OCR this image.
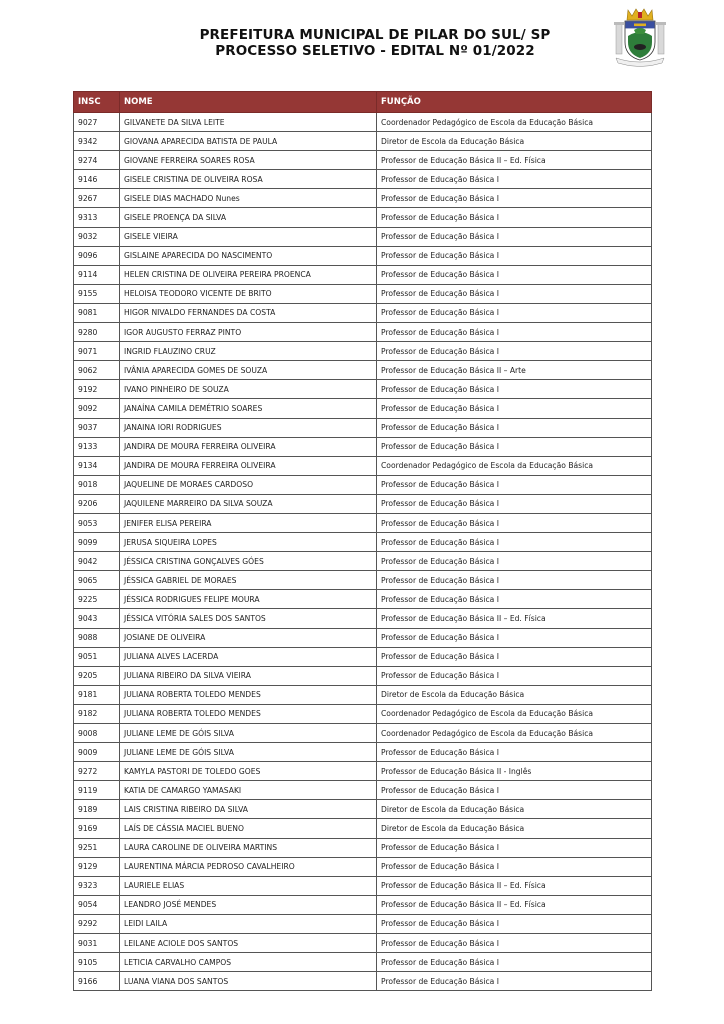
PREFEITURA MUNICIPAL DE PILAR DO SUL/ SP
PROCESSO SELETIVO - EDITAL Nº 01/2022
INSC	NOME	FUNÇÃO
9027	GILVANETE DA SILVA LEITE	Coordenador Pedagógico de Escola da Educação Básica
9342	GIOVANA APARECIDA BATISTA DE PAULA	Diretor de Escola da Educação Básica
9274	GIOVANE FERREIRA SOARES ROSA	Professor de Educação Básica II – Ed. Física
9146	GISELE CRISTINA DE OLIVEIRA ROSA	Professor de Educação Básica I
9267	GISELE DIAS MACHADO Nunes	Professor de Educação Básica I
9313	GISELE PROENÇA DA SILVA	Professor de Educação Básica I
9032	GISELE VIEIRA	Professor de Educação Básica I
9096	GISLAINE APARECIDA DO NASCIMENTO	Professor de Educação Básica I
9114	HELEN CRISTINA DE OLIVEIRA PEREIRA PROENCA	Professor de Educação Básica I
9155	HELOISA TEODORO VICENTE DE BRITO	Professor de Educação Básica I
9081	HIGOR NIVALDO FERNANDES DA COSTA	Professor de Educação Básica I
9280	IGOR AUGUSTO FERRAZ PINTO	Professor de Educação Básica I
9071	INGRID FLAUZINO CRUZ	Professor de Educação Básica I
9062	IVÂNIA APARECIDA GOMES DE SOUZA	Professor de Educação Básica II – Arte
9192	IVANO PINHEIRO DE SOUZA	Professor de Educação Básica I
9092	JANAÍNA CAMILA DEMÉTRIO SOARES	Professor de Educação Básica I
9037	JANAINA IORI RODRIGUES	Professor de Educação Básica I
9133	JANDIRA DE MOURA FERREIRA OLIVEIRA	Professor de Educação Básica I
9134	JANDIRA DE MOURA FERREIRA OLIVEIRA	Coordenador Pedagógico de Escola da Educação Básica
9018	JAQUELINE DE MORAES CARDOSO	Professor de Educação Básica I
9206	JAQUILENE MARREIRO DA SILVA SOUZA	Professor de Educação Básica I
9053	JENIFER ELISA PEREIRA	Professor de Educação Básica I
9099	JERUSA SIQUEIRA LOPES	Professor de Educação Básica I
9042	JÉSSICA CRISTINA GONÇALVES GÓES	Professor de Educação Básica I
9065	JÉSSICA GABRIEL DE MORAES	Professor de Educação Básica I
9225	JÉSSICA RODRIGUES FELIPE MOURA	Professor de Educação Básica I
9043	JÉSSICA VITÓRIA SALES DOS SANTOS	Professor de Educação Básica II – Ed. Física
9088	JOSIANE DE OLIVEIRA	Professor de Educação Básica I
9051	JULIANA ALVES LACERDA	Professor de Educação Básica I
9205	JULIANA RIBEIRO DA SILVA VIEIRA	Professor de Educação Básica I
9181	JULIANA ROBERTA TOLEDO MENDES	Diretor de Escola da Educação Básica
9182	JULIANA ROBERTA TOLEDO MENDES	Coordenador Pedagógico de Escola da Educação Básica
9008	JULIANE LEME DE GÓIS SILVA	Coordenador Pedagógico de Escola da Educação Básica
9009	JULIANE LEME DE GÓIS SILVA	Professor de Educação Básica I
9272	KAMYLA PASTORI DE TOLEDO GOES	Professor de Educação Básica II - Inglês
9119	KATIA DE CAMARGO YAMASAKI	Professor de Educação Básica I
9189	LAIS CRISTINA RIBEIRO DA SILVA	Diretor de Escola da Educação Básica
9169	LAÍS DE CÁSSIA MACIEL BUENO	Diretor de Escola da Educação Básica
9251	LAURA CAROLINE DE OLIVEIRA MARTINS	Professor de Educação Básica I
9129	LAURENTINA MÁRCIA PEDROSO CAVALHEIRO	Professor de Educação Básica I
9323	LAURIELE ELIAS	Professor de Educação Básica II – Ed. Física
9054	LEANDRO JOSÉ MENDES	Professor de Educação Básica II – Ed. Física
9292	LEIDI LAILA	Professor de Educação Básica I
9031	LEILANE ACIOLE DOS SANTOS	Professor de Educação Básica I
9105	LETICIA CARVALHO CAMPOS	Professor de Educação Básica I
9166	LUANA VIANA DOS SANTOS	Professor de Educação Básica I
